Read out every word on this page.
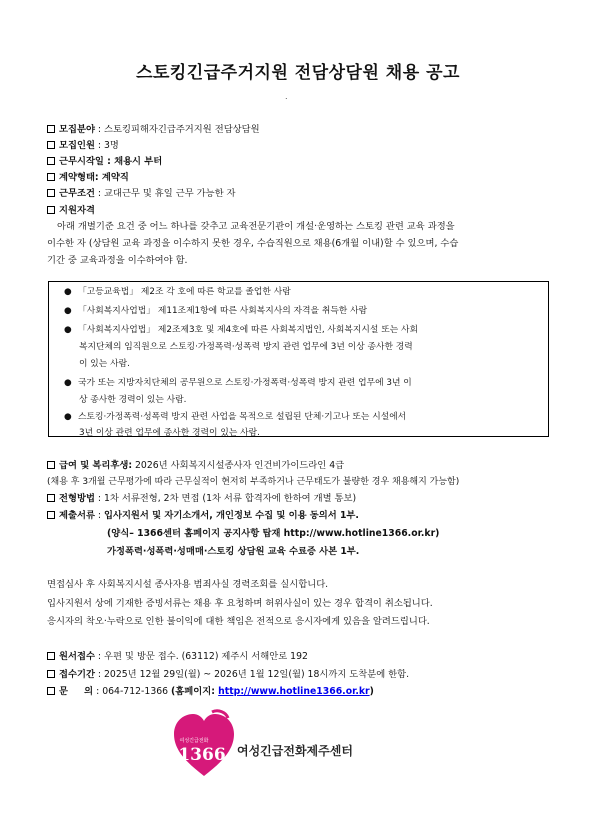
스토킹긴급주거지원 전담상담원 채용 공고
.
모집분야 : 스토킹피해자긴급주거지원 전담상담원
모집인원 : 3명
근무시작일 : 채용시 부터
계약형태: 계약직
근무조건 : 교대근무 및 휴일 근무 가능한 자
지원자격
아래 개별기준 요건 중 어느 하나를 갖추고 교육전문기관이 개설·운영하는 스토킹 관련 교육 과정을
이수한 자 (상담원 교육 과정을 이수하지 못한 경우, 수습직원으로 채용(6개월 이내)할 수 있으며, 수습
기간 중 교육과정을 이수하여야 함.
● 「고등교육법」 제2조 각 호에 따른 학교를 졸업한 사람
● 「사회복지사업법」 제11조제1항에 따른 사회복지사의 자격을 취득한 사람
● 「사회복지사업법」 제2조제3호 및 제4호에 따른 사회복지법인, 사회복지시설 또는 사회
복지단체의 임직원으로 스토킹·가정폭력·성폭력 방지 관련 업무에 3년 이상 종사한 경력
이 있는 사람.
● 국가 또는 지방자치단체의 공무원으로 스토킹·가정폭력·성폭력 방지 관련 업무에 3년 이
상 종사한 경력이 있는 사람.
● 스토킹·가정폭력·성폭력 방지 관련 사업을 목적으로 설립된 단체·기고나 또는 시설에서
3년 이상 관련 업무에 종사한 경력이 있는 사람.
급여 및 복리후생: 2026년 사회복지시설종사자 인건비가이드라인 4급
(채용 후 3개월 근무평가에 따라 근무실적이 현저히 부족하거나 근무태도가 불량한 경우 채용해지 가능함)
전형방법 : 1차 서류전형, 2차 면접 (1차 서류 합격자에 한하여 개별 통보)
제출서류 : 입사지원서 및 자기소개서, 개인정보 수집 및 이용 동의서 1부.
(양식– 1366센터 홈페이지 공지사항 탑재 http://www.hotline1366.or.kr)
가정폭력·성폭력·성매매·스토킹 상담원 교육 수료증 사본 1부.
면접심사 후 사회복지시설 종사자용 범죄사실 경력조회를 실시합니다.
입사지원서 상에 기재한 증빙서류는 채용 후 요청하며 허위사실이 있는 경우 합격이 취소됩니다.
응시자의 착오·누락으로 인한 불이익에 대한 책임은 전적으로 응시자에게 있음을 알려드립니다.
원서접수 : 우편 및 방문 접수. (63112) 제주시 서해안로 192
접수기간 : 2025년 12월 29일(월) ~ 2026년 1월 12일(월) 18시까지 도착분에 한함.
문     의 : 064-712-1366 (홈페이지: http://www.hotline1366.or.kr)
여성긴급전화
1366 여성긴급전화제주센터
